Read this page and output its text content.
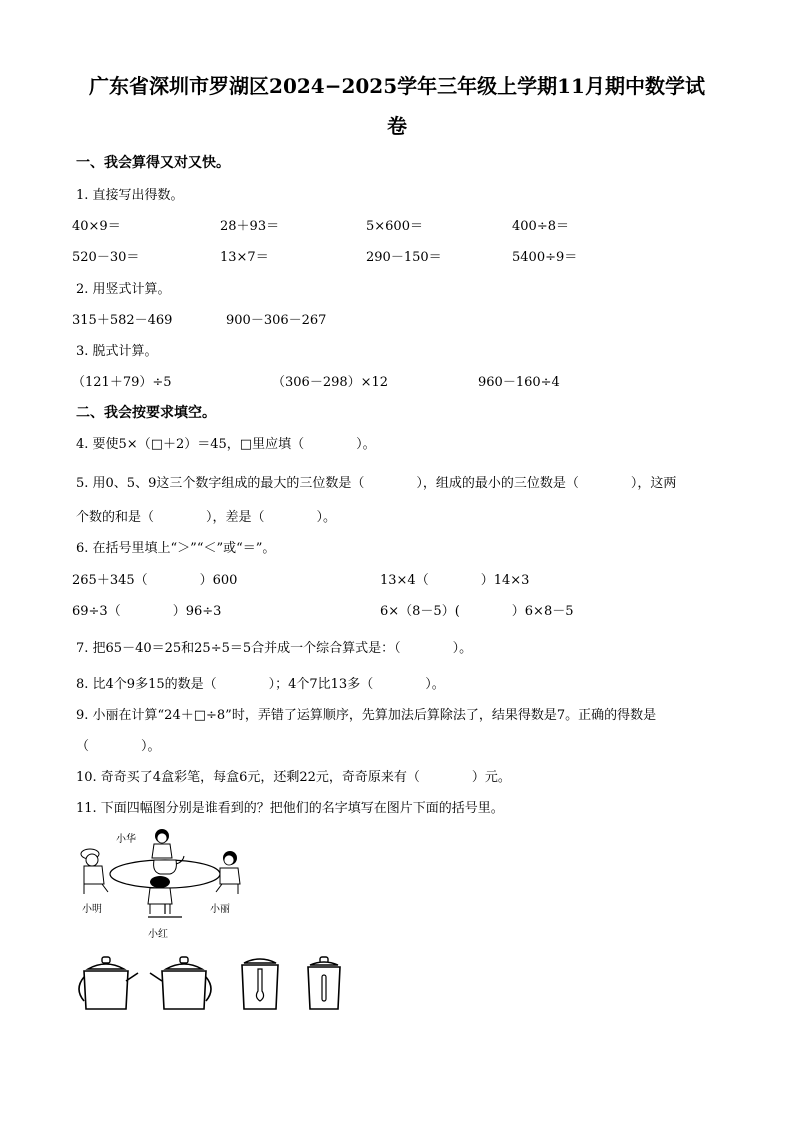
广东省深圳市罗湖区2024−2025学年三年级上学期11月期中数学试
卷
一、我会算得又对又快。
1. 直接写出得数。
40×9＝	28＋93＝	5×600＝	400÷8＝
520－30＝	13×7＝	290－150＝	5400÷9＝
2. 用竖式计算。
315＋582－469	900－306－267
3. 脱式计算。
（121＋79）÷5	（306－298）×12	960－160÷4
二、我会按要求填空。
4. 要使5×（□＋2）＝45，□里应填（　　　　）。
5. 用0、5、9这三个数字组成的最大的三位数是（　　　　），组成的最小的三位数是（　　　　），这两
个数的和是（　　　　），差是（　　　　）。
6. 在括号里填上“＞”“＜”或“＝”。
265＋345（　　　　）600	13×4（　　　　）14×3
69÷3（　　　　）96÷3	6×（8－5）(　　　　）6×8－5
7. 把65－40＝25和25÷5＝5合并成一个综合算式是：（　　　　）。
8. 比4个9多15的数是（　　　　）；4个7比13多（　　　　）。
9. 小丽在计算“24＋□÷8”时，弄错了运算顺序，先算加法后算除法了，结果得数是7。正确的得数是
（　　　　）。
10. 奇奇买了4盒彩笔，每盒6元，还剩22元，奇奇原来有（　　　　）元。
11. 下面四幅图分别是谁看到的？把他们的名字填写在图片下面的括号里。
小华
小明	小丽
小红
